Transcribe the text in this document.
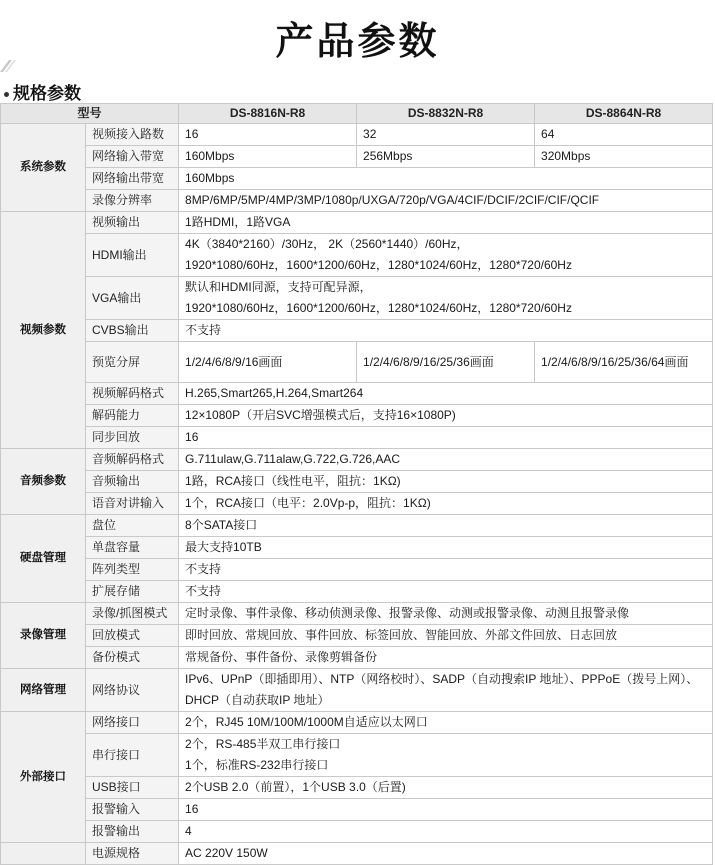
产品参数
规格参数
型号		DS-8816N-R8	DS-8832N-R8	DS-8864N-R8
系统参数	视频接入路数	16	32	64
	网络输入带宽	160Mbps	256Mbps	320Mbps
	网络输出带宽	160Mbps		
	录像分辨率	8MP/6MP/5MP/4MP/3MP/1080p/UXGA/720p/VGA/4CIF/DCIF/2CIF/CIF/QCIF		
视频参数	视频输出	1路HDMI，1路VGA		
	HDMI输出	4K（3840*2160）/30Hz， 2K（2560*1440）/60Hz，
1920*1080/60Hz，1600*1200/60Hz，1280*1024/60Hz，1280*720/60Hz		

	VGA输出	默认和HDMI同源，支持可配异源，
1920*1080/60Hz，1600*1200/60Hz，1280*1024/60Hz，1280*720/60Hz		

	CVBS输出	不支持		
	预览分屏	1/2/4/6/8/9/16画面	1/2/4/6/8/9/16/25/36画面	1/2/4/6/8/9/16/25/36/64画面
	视频解码格式	H.265,Smart265,H.264,Smart264		
	解码能力	12×1080P（开启SVC增强模式后，支持16×1080P)		
	同步回放	16		
音频参数	音频解码格式	G.711ulaw,G.711alaw,G.722,G.726,AAC		
	音频输出	1路，RCA接口（线性电平，阻抗：1KΩ)		
	语音对讲输入	1个，RCA接口（电平：2.0Vp-p，阻抗：1KΩ)		
硬盘管理	盘位	8个SATA接口		
	单盘容量	最大支持10TB		
	阵列类型	不支持		
	扩展存储	不支持		
录像管理	录像/抓图模式	定时录像、事件录像、移动侦测录像、报警录像、动测或报警录像、动测且报警录像		
	回放模式	即时回放、常规回放、事件回放、标签回放、智能回放、外部文件回放、日志回放		
	备份模式	常规备份、事件备份、录像剪辑备份		
网络管理	网络协议	IPv6、UPnP（即插即用）、NTP（网络校时）、SADP（自动搜索IP 地址）、PPPoE（拨号上网）、
DHCP（自动获取IP 地址）		

外部接口	网络接口	2个，RJ45 10M/100M/1000M自适应以太网口		
	串行接口	2个，RS-485半双工串行接口
1个，标准RS-232串行接口		

	USB接口	2个USB 2.0（前置），1个USB 3.0（后置)		
	报警输入	16		
	报警输出	4		
	电源规格	AC 220V 150W		
